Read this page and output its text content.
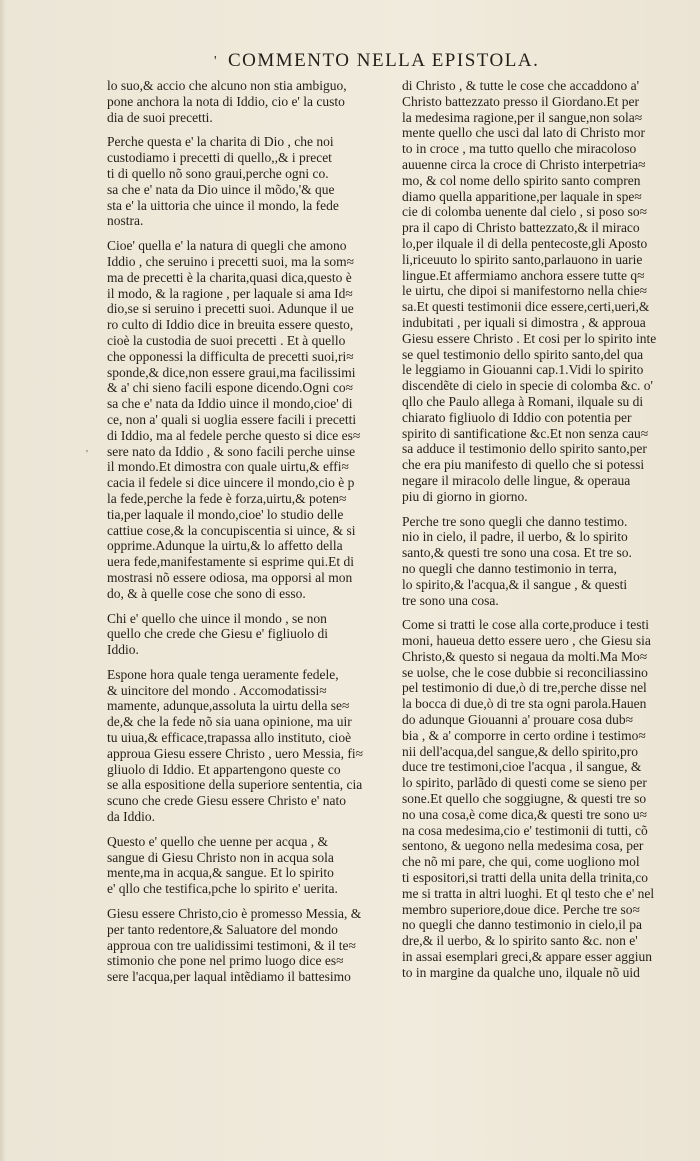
' COMMENTO NELLA EPISTOLA.
'

lo suo,& accio che alcuno non stia ambiguo,
pone anchora la nota di Iddio, cio e' la custo
dia de suoi precetti.

Perche questa e' la charita di Dio , che noi
custodiamo i precetti di quello,,& i precet
ti di quello nõ sono graui,perche ogni co.
sa che e' nata da Dio uince il mõdo,'& que
sta e' la uittoria che uince il mondo, la fede
nostra.

Cioe' quella e' la natura di quegli che amono
Iddio , che seruino i precetti suoi, ma la som≈
ma de precetti è la charita,quasi dica,questo è
il modo, & la ragione , per laquale si ama Id≈
dio,se si seruino i precetti suoi. Adunque il ue
ro culto di Iddio dice in breuita essere questo,
cioè la custodia de suoi precetti . Et à quello
che opponessi la difficulta de precetti suoi,ri≈
sponde,& dice,non essere graui,ma facilissimi
& a' chi sieno facili espone dicendo.Ogni co≈
sa che e' nata da Iddio uince il mondo,cioe' di
ce, non a' quali si uoglia essere facili i precetti
di Iddio, ma al fedele perche questo si dice es≈
sere nato da Iddio , & sono facili perche uinse
il mondo.Et dimostra con quale uirtu,& effi≈
cacia il fedele si dice uincere il mondo,cio è p
la fede,perche la fede è forza,uirtu,& poten≈
tia,per laquale il mondo,cioe' lo studio delle
cattiue cose,& la concupiscentia si uince, & si
opprime.Adunque la uirtu,& lo affetto della
uera fede,manifestamente si esprime qui.Et di
mostrasi nõ essere odiosa, ma opporsi al mon
do, & à quelle cose che sono di esso.

Chi e' quello che uince il mondo , se non
quello che crede che Giesu e' figliuolo di
Iddio.

Espone hora quale tenga ueramente fedele,
& uincitore del mondo . Accomodatissi≈
mamente, adunque,assoluta la uirtu della se≈
de,& che la fede nõ sia uana opinione, ma uir
tu uiua,& efficace,trapassa allo instituto, cioè
approua Giesu essere Christo , uero Messia, fi≈
gliuolo di Iddio. Et appartengono queste co
se alla espositione della superiore sententia, cia
scuno che crede Giesu essere Christo e' nato
da Iddio.

Questo e' quello che uenne per acqua , &
sangue di Giesu Christo non in acqua sola
mente,ma in acqua,& sangue. Et lo spirito
e' qllo che testifica,pche lo spirito e' uerita.

Giesu essere Christo,cio è promesso Messia, &
per tanto redentore,& Saluatore del mondo
approua con tre ualidissimi testimoni, & il te≈
stimonio che pone nel primo luogo dice es≈
sere l'acqua,per laqual intẽdiamo il battesimo

di Christo , & tutte le cose che accaddono a'
Christo battezzato presso il Giordano.Et per
la medesima ragione,per il sangue,non sola≈
mente quello che usci dal lato di Christo mor
to in croce , ma tutto quello che miracoloso
auuenne circa la croce di Christo interpetria≈
mo, & col nome dello spirito santo compren
diamo quella apparitione,per laquale in spe≈
cie di colomba uenente dal cielo , si poso so≈
pra il capo di Christo battezzato,& il miraco
lo,per ilquale il di della pentecoste,gli Aposto
li,riceuuto lo spirito santo,parlauono in uarie
lingue.Et affermiamo anchora essere tutte q≈
le uirtu, che dipoi si manifestorno nella chie≈
sa.Et questi testimonii dice essere,certi,ueri,&
indubitati , per iquali si dimostra , & approua
Giesu essere Christo . Et cosi per lo spirito inte
se quel testimonio dello spirito santo,del qua
le leggiamo in Giouanni cap.1.Vidi lo spirito
discendẽte di cielo in specie di colomba &c. o'
qllo che Paulo allega à Romani, ilquale su di
chiarato figliuolo di Iddio con potentia per
spirito di santificatione &c.Et non senza cau≈
sa adduce il testimonio dello spirito santo,per
che era piu manifesto di quello che si potessi
negare il miracolo delle lingue, & operaua
piu di giorno in giorno.

Perche tre sono quegli che danno testimo.
nio in cielo, il padre, il uerbo, & lo spirito
santo,& questi tre sono una cosa. Et tre so.
no quegli che danno testimonio in terra,
lo spirito,& l'acqua,& il sangue , & questi
tre sono una cosa.

Come si tratti le cose alla corte,produce i testi
moni, haueua detto essere uero , che Giesu sia
Christo,& questo si negaua da molti.Ma Mo≈
se uolse, che le cose dubbie si reconciliassino
pel testimonio di due,ò di tre,perche disse nel
la bocca di due,ò di tre sta ogni parola.Hauen
do adunque Giouanni a' prouare cosa dub≈
bia , & a' comporre in certo ordine i testimo≈
nii dell'acqua,del sangue,& dello spirito,pro
duce tre testimoni,cioe l'acqua , il sangue, &
lo spirito, parlãdo di questi come se sieno per
sone.Et quello che soggiugne, & questi tre so
no una cosa,è come dica,& questi tre sono u≈
na cosa medesima,cio e' testimonii di tutti, cõ
sentono, & uegono nella medesima cosa, per
che nõ mi pare, che qui, come uogliono mol
ti espositori,si tratti della unita della trinita,co
me si tratta in altri luoghi. Et ql testo che e' nel
membro superiore,doue dice. Perche tre so≈
no quegli che danno testimonio in cielo,il pa
dre,& il uerbo, & lo spirito santo &c. non e'
in assai esemplari greci,& appare esser aggiun
to in margine da qualche uno, ilquale nõ uid
